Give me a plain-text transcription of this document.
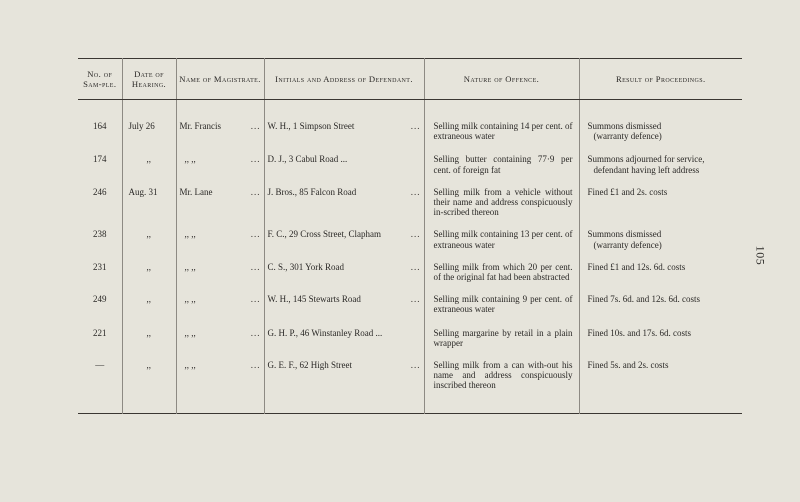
No. of Sam-ple.	Date of Hearing.	Name of Magistrate.	Initials and Address of Defendant.	Nature of Offence.	Result of Proceedings.
164	July 26	Mr. Francis ...	W. H., 1 Simpson Street ...	Selling milk containing 14 per cent. of extraneous water	Summons dismissed
(warranty defence)

174	,,	,, ,, ...	D. J., 3 Cabul Road ...	Selling butter containing 77·9 per cent. of foreign fat	Summons adjourned for service,
defendant having left address

246	Aug. 31	Mr. Lane ...	J. Bros., 85 Falcon Road ...	Selling milk from a vehicle without their name and address conspicuously in-scribed thereon	Fined £1 and 2s. costs

238	,,	,, ,, ...	F. C., 29 Cross Street, Clapham ...	Selling milk containing 13 per cent. of extraneous water	Summons dismissed
(warranty defence)

231	,,	,, ,, ...	C. S., 301 York Road ...	Selling milk from which 20 per cent. of the original fat had been abstracted	Fined £1 and 12s. 6d. costs

249	,,	,, ,, ...	W. H., 145 Stewarts Road ...	Selling milk containing 9 per cent. of extraneous water	Fined 7s. 6d. and 12s. 6d. costs

221	,,	,, ,, ...	G. H. P., 46 Winstanley Road ...	Selling margarine by retail in a plain wrapper	Fined 10s. and 17s. 6d. costs

—	,,	,, ,, ...	G. E. F., 62 High Street ...	Selling milk from a can with-out his name and address conspicuously inscribed thereon	Fined 5s. and 2s. costs
105
